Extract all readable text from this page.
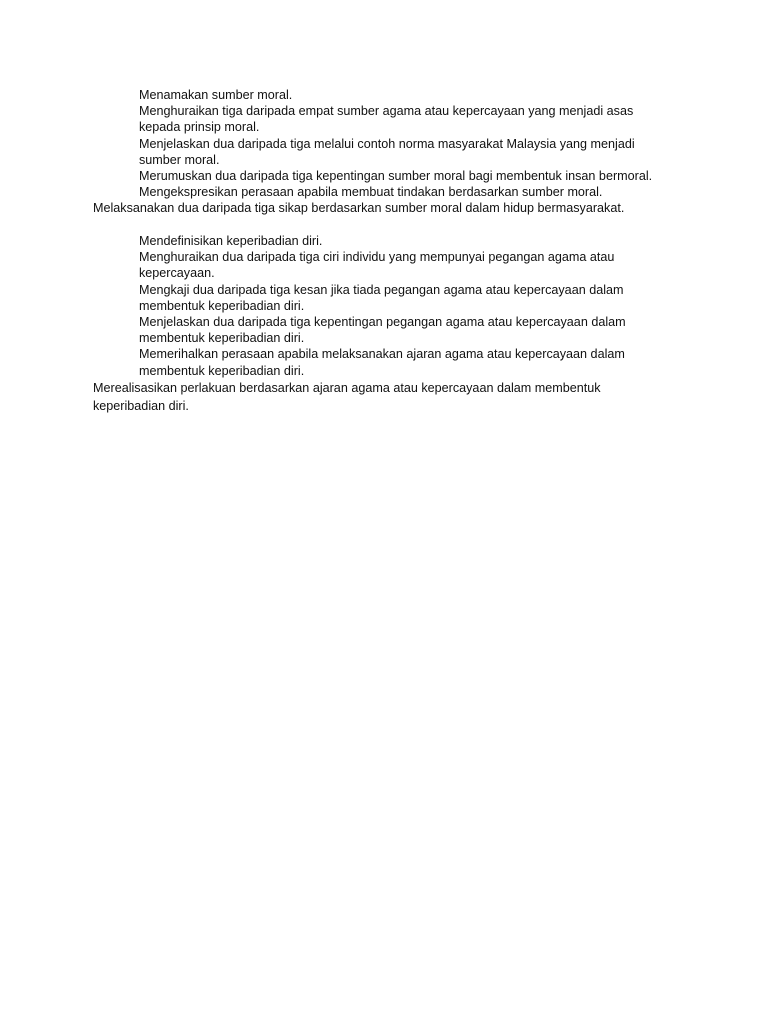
Menamakan sumber moral.

Menghuraikan tiga daripada empat sumber agama atau kepercayaan yang menjadi asas kepada prinsip moral.

Menjelaskan dua daripada tiga melalui contoh norma masyarakat Malaysia yang menjadi sumber moral.

Merumuskan dua daripada tiga kepentingan sumber moral bagi membentuk insan bermoral.

Mengekspresikan perasaan apabila membuat tindakan berdasarkan sumber moral.

Melaksanakan dua daripada tiga sikap berdasarkan sumber moral dalam hidup bermasyarakat.

Mendefinisikan keperibadian diri.

Menghuraikan dua daripada tiga ciri individu yang mempunyai pegangan agama atau kepercayaan.

Mengkaji dua daripada tiga kesan jika tiada pegangan agama atau kepercayaan dalam membentuk keperibadian diri.

Menjelaskan dua daripada tiga kepentingan pegangan agama atau kepercayaan dalam membentuk keperibadian diri.

Memerihalkan perasaan apabila melaksanakan ajaran agama atau kepercayaan dalam membentuk keperibadian diri.

Merealisasikan perlakuan berdasarkan ajaran agama atau kepercayaan dalam membentuk keperibadian diri.
